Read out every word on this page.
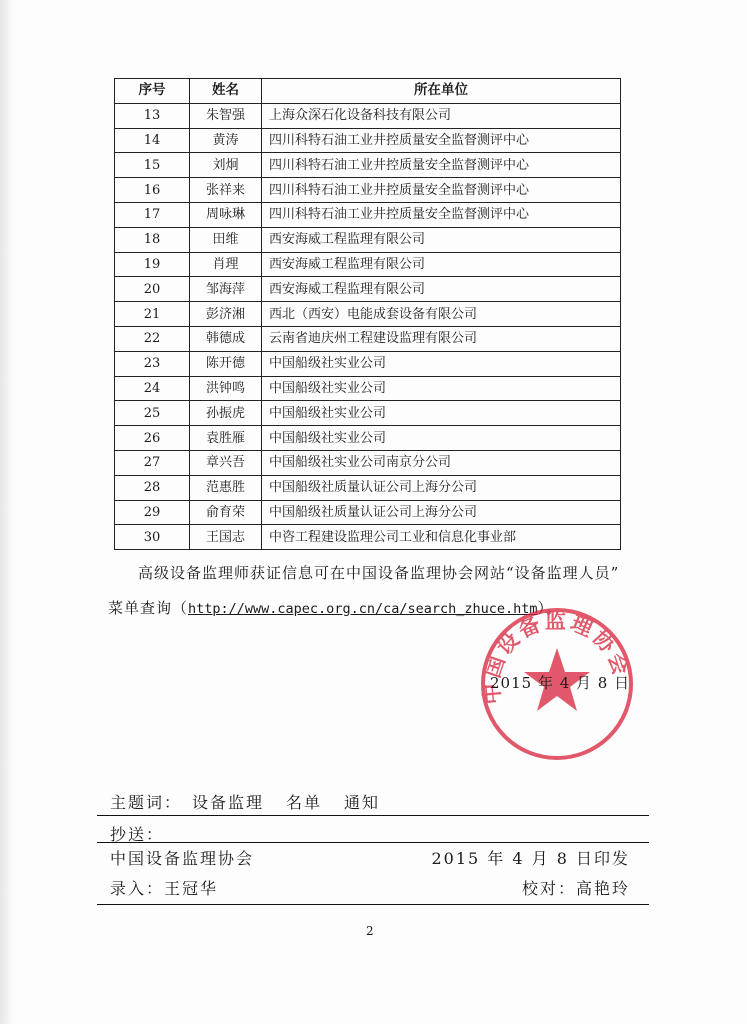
序号	姓名	所在单位
13	朱智强	上海众深石化设备科技有限公司
14	黄涛	四川科特石油工业井控质量安全监督测评中心
15	刘炯	四川科特石油工业井控质量安全监督测评中心
16	张祥来	四川科特石油工业井控质量安全监督测评中心
17	周咏琳	四川科特石油工业井控质量安全监督测评中心
18	田维	西安海威工程监理有限公司
19	肖理	西安海威工程监理有限公司
20	邹海萍	西安海威工程监理有限公司
21	彭济湘	西北（西安）电能成套设备有限公司
22	韩德成	云南省迪庆州工程建设监理有限公司
23	陈开德	中国船级社实业公司
24	洪钟鸣	中国船级社实业公司
25	孙振虎	中国船级社实业公司
26	袁胜雁	中国船级社实业公司
27	章兴吾	中国船级社实业公司南京分公司
28	范惠胜	中国船级社质量认证公司上海分公司
29	俞育荣	中国船级社质量认证公司上海分公司
30	王国志	中咨工程建设监理公司工业和信息化事业部
高级设备监理师获证信息可在中国设备监理协会网站“设备监理人员”
菜单查询（http://www.capec.org.cn/ca/search_zhuce.htm）。
中国设备监理协会
2015 年 4 月 8 日
主题词： 设备监理 名单 通知
抄送：
中国设备监理协会	2015 年 4 月 8 日印发
录入：王冠华	校对：高艳玲
2
